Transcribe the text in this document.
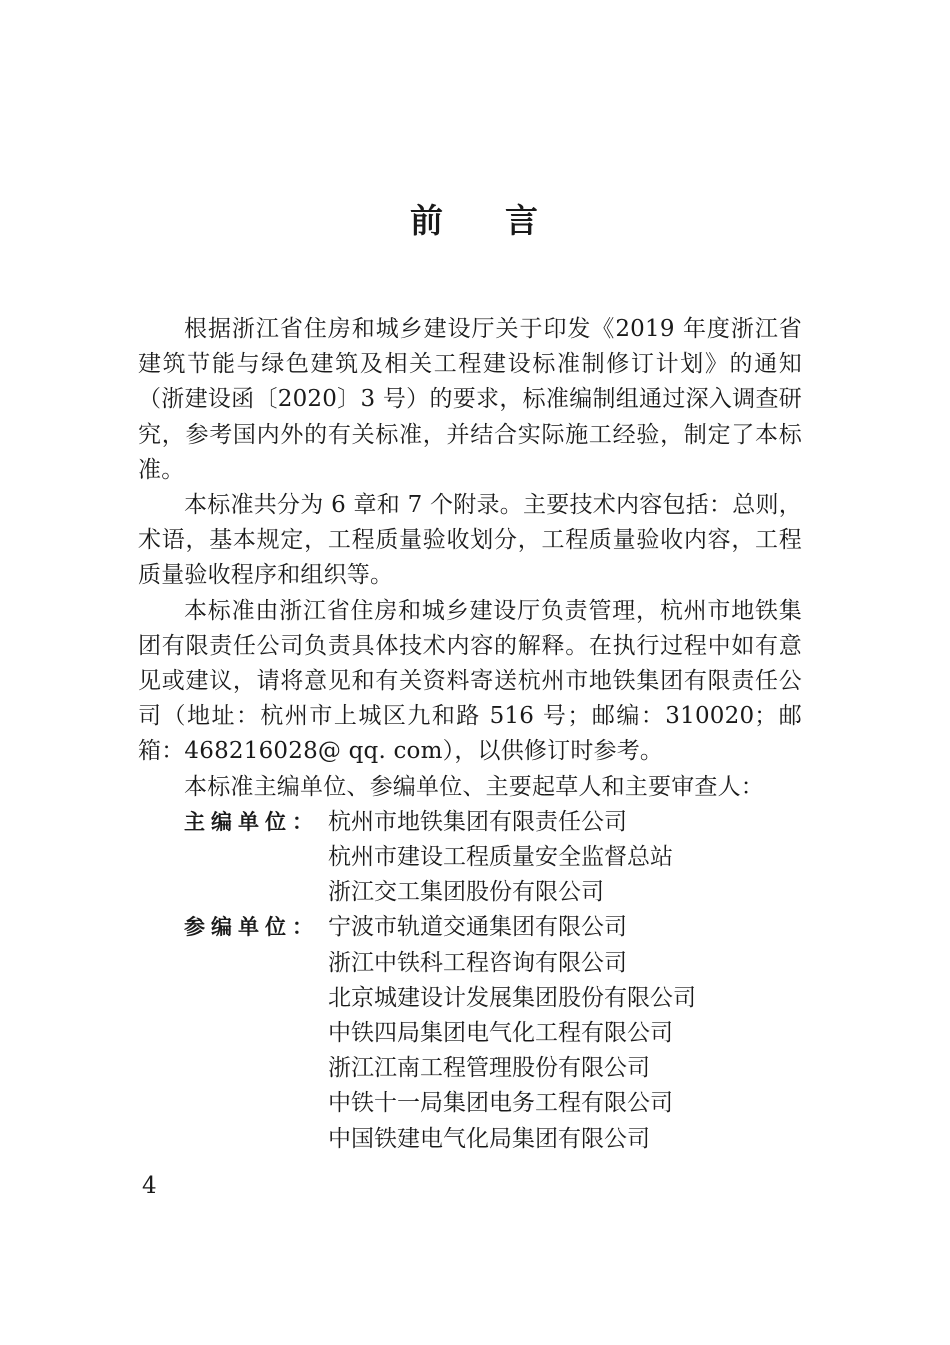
前 言

根据浙江省住房和城乡建设厅关于印发《2019 年度浙江省建筑节能与绿色建筑及相关工程建设标准制修订计划》的通知（浙建设函〔2020〕3 号）的要求，标准编制组通过深入调查研究，参考国内外的有关标准，并结合实际施工经验，制定了本标准。

本标准共分为 6 章和 7 个附录。主要技术内容包括：总则，术语，基本规定，工程质量验收划分，工程质量验收内容，工程质量验收程序和组织等。

本标准由浙江省住房和城乡建设厅负责管理，杭州市地铁集团有限责任公司负责具体技术内容的解释。在执行过程中如有意见或建议，请将意见和有关资料寄送杭州市地铁集团有限责任公司（地址：杭州市上城区九和路 516 号；邮编：310020；邮箱：468216028@ qq. com），以供修订时参考。

本标准主编单位、参编单位、主要起草人和主要审查人：

主编单位： 杭州市地铁集团有限责任公司
杭州市建设工程质量安全监督总站
浙江交工集团股份有限公司
参编单位： 宁波市轨道交通集团有限公司
浙江中铁科工程咨询有限公司
北京城建设计发展集团股份有限公司
中铁四局集团电气化工程有限公司
浙江江南工程管理股份有限公司
中铁十一局集团电务工程有限公司
中国铁建电气化局集团有限公司
4
